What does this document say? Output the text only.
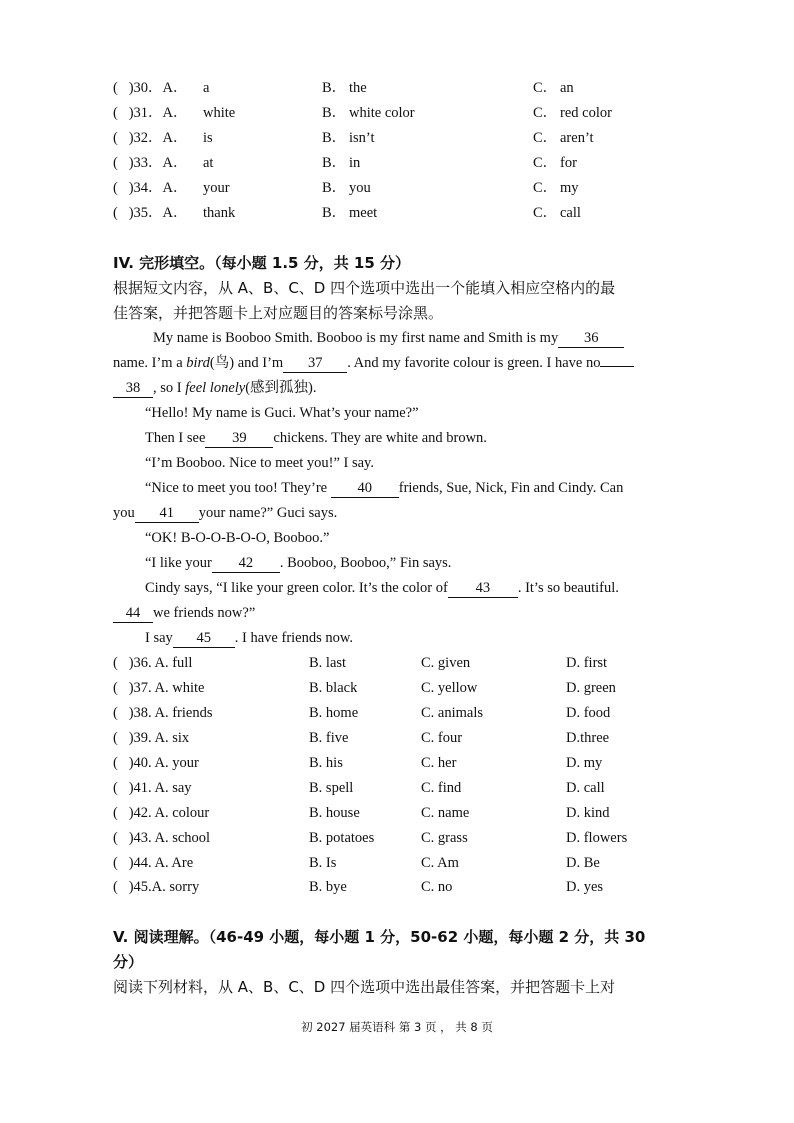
(   )30．A． a	B． the	C． an
(   )31．A． white	B． white color	C． red color
(   )32．A． is	B． isn’t	C． aren’t
(   )33．A． at	B． in	C． for
(   )34．A． your	B． you	C． my
(   )35．A． thank	B． meet	C． call
IV. 完形填空。（每小题 1.5 分，共 15 分）
根据短文内容，从 A、B、C、D 四个选项中选出一个能填入相应空格内的最
佳答案，并把答题卡上对应题目的答案标号涂黑。
My name is Booboo Smith. Booboo is my first name and Smith is my 36
name. I’m a bird(鸟) and I’m 37 . And my favorite colour is green. I have no
38 , so I feel lonely(感到孤独).
“Hello! My name is Guci. What’s your name?”
Then I see 39 chickens. They are white and brown.
“I’m Booboo. Nice to meet you!” I say.
“Nice to meet you too! They’re 40 friends, Sue, Nick, Fin and Cindy. Can
you 41 your name?” Guci says.
“OK! B-O-O-B-O-O, Booboo.”
“I like your 42 . Booboo, Booboo,” Fin says.
Cindy says, “I like your green color. It’s the color of 43 . It’s so beautiful.
44 we friends now?”
I say 45 . I have friends now.
(   )36. A. full	B. last	C. given	D. first
(   )37. A. white	B. black	C. yellow	D. green
(   )38. A. friends	B. home	C. animals	D. food
(   )39. A. six	B. five	C. four	D.three
(   )40. A. your	B. his	C. her	D. my
(   )41. A. say	B. spell	C. find	D. call
(   )42. A. colour	B. house	C. name	D. kind
(   )43. A. school	B. potatoes	C. grass	D. flowers
(   )44. A. Are	B. Is	C. Am	D. Be
(   )45.A. sorry	B. bye	C. no	D. yes
V. 阅读理解。（46-49 小题，每小题 1 分，50-62 小题，每小题 2 分，共 30
分）
阅读下列材料，从 A、B、C、D 四个选项中选出最佳答案，并把答题卡上对
初 2027 届英语科 第 3 页 ， 共 8 页
